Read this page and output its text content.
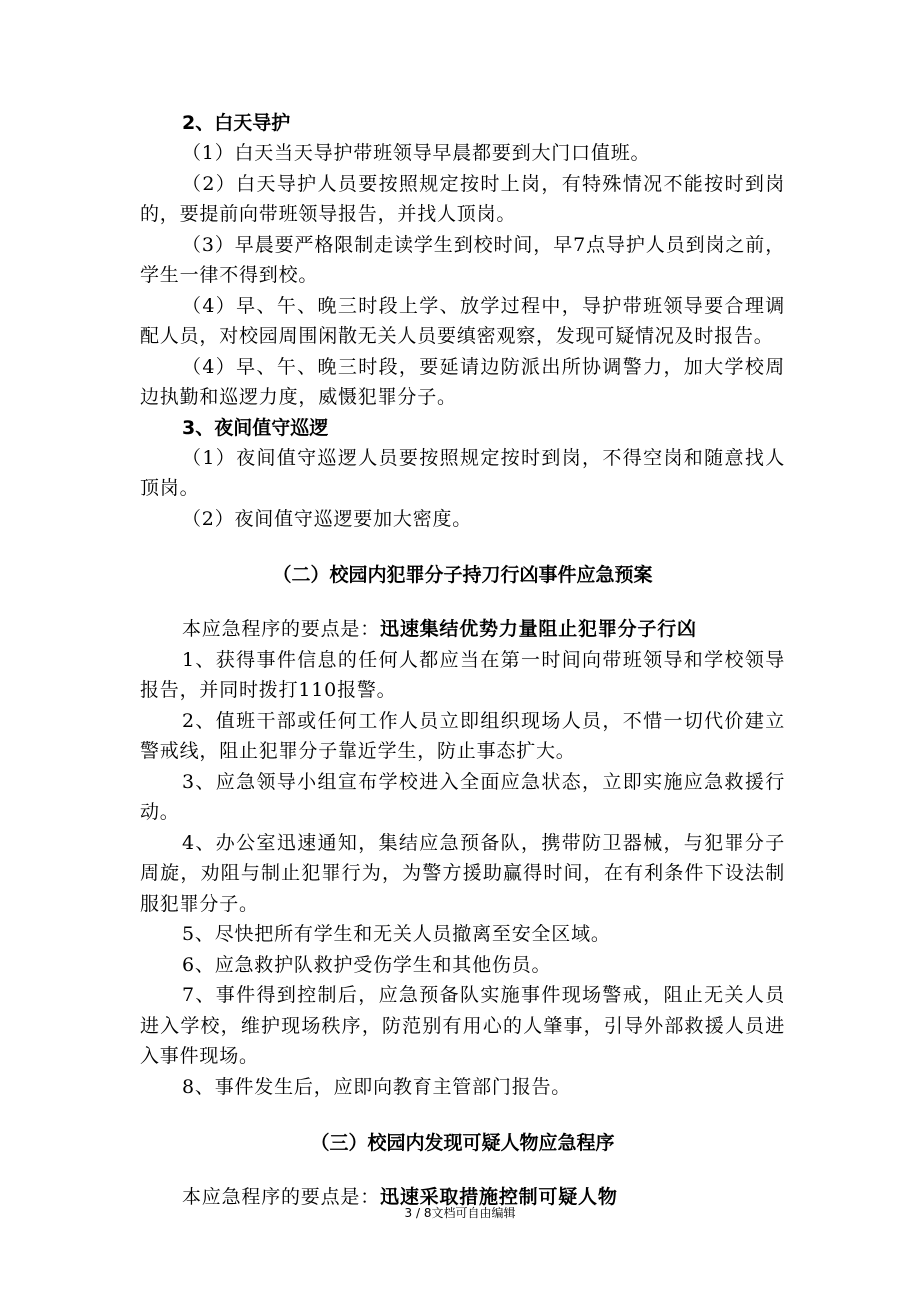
2、白天导护

（1）白天当天导护带班领导早晨都要到大门口值班。

（2）白天导护人员要按照规定按时上岗，有特殊情况不能按时到岗的，要提前向带班领导报告，并找人顶岗。

（3）早晨要严格限制走读学生到校时间，早7点导护人员到岗之前，学生一律不得到校。

（4）早、午、晚三时段上学、放学过程中，导护带班领导要合理调配人员，对校园周围闲散无关人员要缜密观察，发现可疑情况及时报告。

（4）早、午、晚三时段，要延请边防派出所协调警力，加大学校周边执勤和巡逻力度，威慑犯罪分子。

3、夜间值守巡逻

（1）夜间值守巡逻人员要按照规定按时到岗，不得空岗和随意找人顶岗。

（2）夜间值守巡逻要加大密度。

（二）校园内犯罪分子持刀行凶事件应急预案

本应急程序的要点是：迅速集结优势力量阻止犯罪分子行凶

1、获得事件信息的任何人都应当在第一时间向带班领导和学校领导报告，并同时拨打110报警。

2、值班干部或任何工作人员立即组织现场人员，不惜一切代价建立警戒线，阻止犯罪分子靠近学生，防止事态扩大。

3、应急领导小组宣布学校进入全面应急状态，立即实施应急救援行动。

4、办公室迅速通知，集结应急预备队，携带防卫器械，与犯罪分子周旋，劝阻与制止犯罪行为，为警方援助赢得时间，在有利条件下设法制服犯罪分子。

5、尽快把所有学生和无关人员撤离至安全区域。

6、应急救护队救护受伤学生和其他伤员。

7、事件得到控制后，应急预备队实施事件现场警戒，阻止无关人员进入学校，维护现场秩序，防范别有用心的人肇事，引导外部救援人员进入事件现场。

8、事件发生后，应即向教育主管部门报告。

（三）校园内发现可疑人物应急程序

本应急程序的要点是：迅速采取措施控制可疑人物

3 / 8文档可自由编辑
